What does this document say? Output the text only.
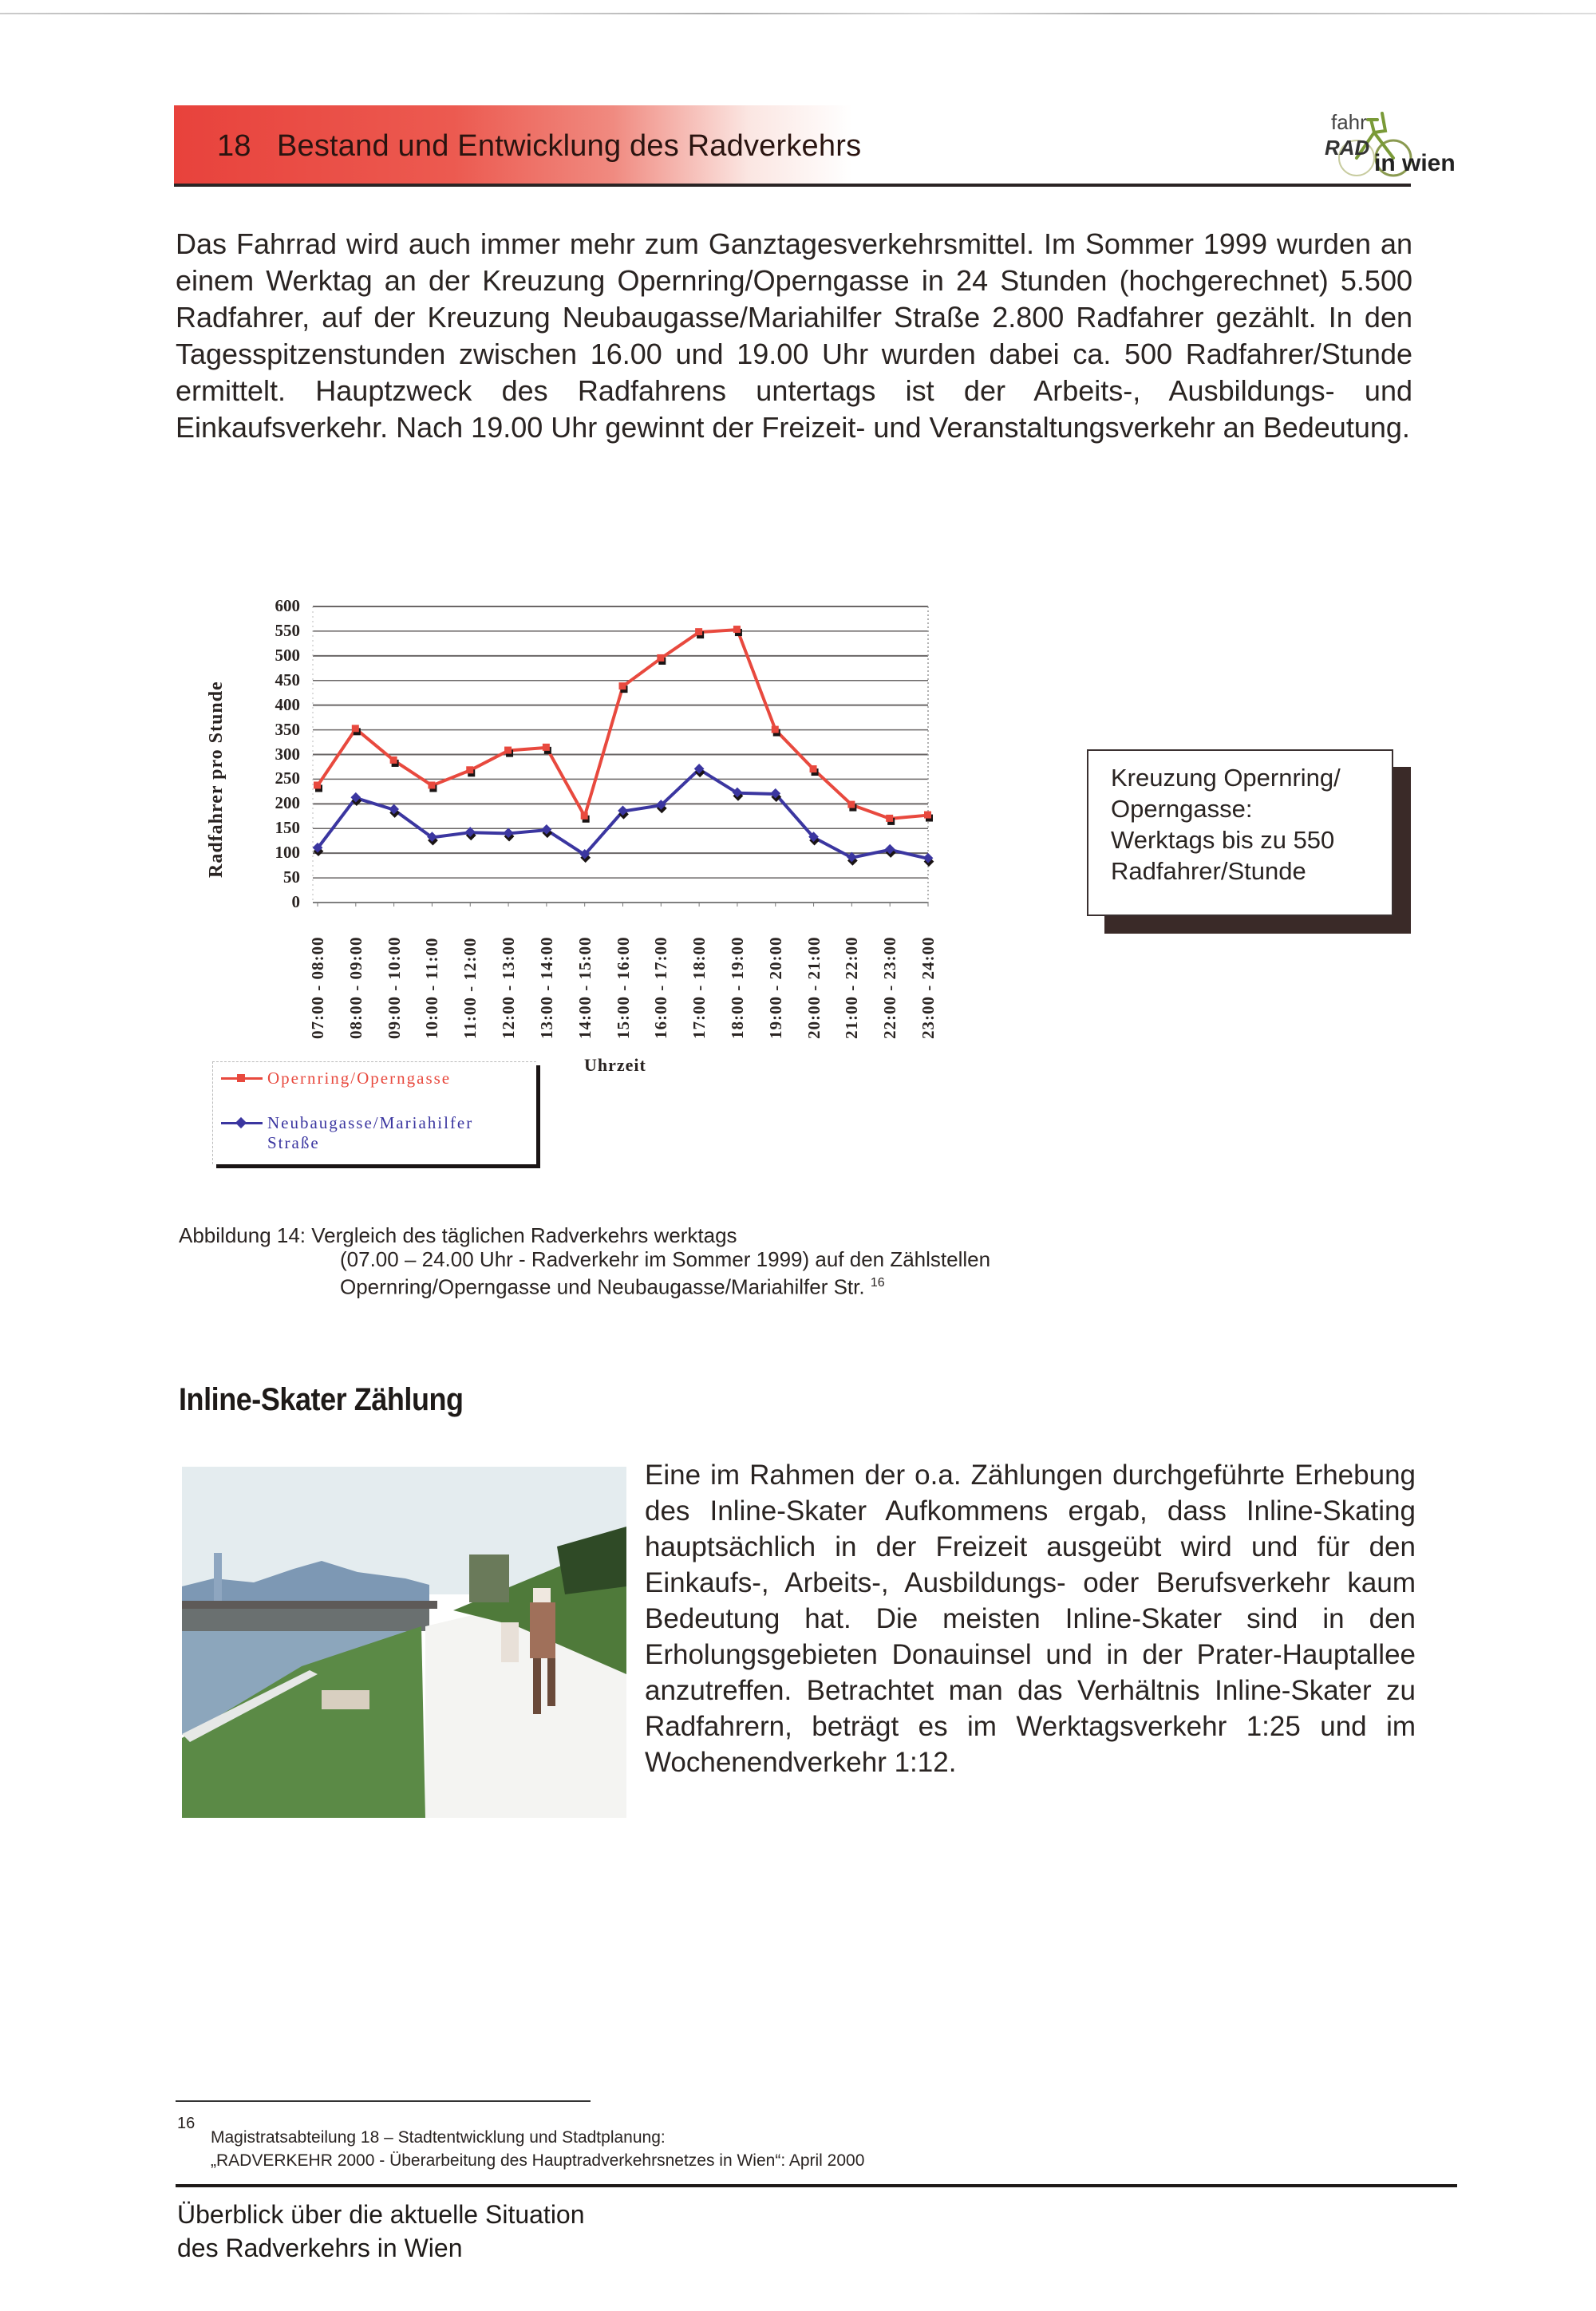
18 Bestand und Entwicklung des Radverkehrs
fahr
RAD
in wien

Das Fahrrad wird auch immer mehr zum Ganztagesverkehrsmittel. Im Sommer 1999 wurden an einem Werktag an der Kreuzung Opernring/Operngasse in 24 Stunden (hochgerechnet) 5.500 Radfahrer, auf der Kreuzung Neubaugasse/Mariahilfer Straße 2.800 Radfahrer gezählt. In den Tagesspitzenstunden zwischen 16.00 und 19.00 Uhr wurden dabei ca. 500 Radfahrer/Stunde ermittelt. Hauptzweck des Radfahrens untertags ist der Arbeits-, Ausbildungs- und Einkaufsverkehr. Nach 19.00 Uhr gewinnt der Freizeit- und Veranstaltungsverkehr an Bedeutung.

Radfahrer pro Stunde
0
50
100
150
200
250
300
350
400
450
500
550
600
07:00 - 08:00 08:00 - 09:00 09:00 - 10:00 10:00 - 11:00 11:00 - 12:00 12:00 - 13:00 13:00 - 14:00 14:00 - 15:00 15:00 - 16:00 16:00 - 17:00 17:00 - 18:00 18:00 - 19:00 19:00 - 20:00 20:00 - 21:00 21:00 - 22:00 22:00 - 23:00 23:00 - 24:00
Uhrzeit
Opernring/Operngasse
Neubaugasse/Mariahilfer
Straße
Kreuzung Opernring/
Operngasse:
Werktags bis zu 550
Radfahrer/Stunde
Abbildung 14: Vergleich des täglichen Radverkehrs werktags
(07.00 – 24.00 Uhr - Radverkehr im Sommer 1999) auf den Zählstellen
Opernring/Operngasse und Neubaugasse/Mariahilfer Str. $^{16}$
Inline-Skater Zählung
Eine im Rahmen der o.a. Zählungen durchgeführte Erhebung des Inline-Skater Aufkommens ergab, dass Inline-Skating hauptsächlich in der Freizeit ausgeübt wird und für den Einkaufs-, Arbeits-, Ausbildungs- oder Berufsverkehr kaum Bedeutung hat. Die meisten Inline-Skater sind in den Erholungsgebieten Donauinsel und in der Prater-Hauptallee anzutreffen. Betrachtet man das Verhältnis Inline-Skater zu Radfahrern, beträgt es im Werktagsverkehr 1:25 und im Wochenendverkehr 1:12.
16
Magistratsabteilung 18 – Stadtentwicklung und Stadtplanung:
„RADVERKEHR 2000 - Überarbeitung des Hauptradverkehrsnetzes in Wien“: April 2000
Überblick über die aktuelle Situation
des Radverkehrs in Wien
